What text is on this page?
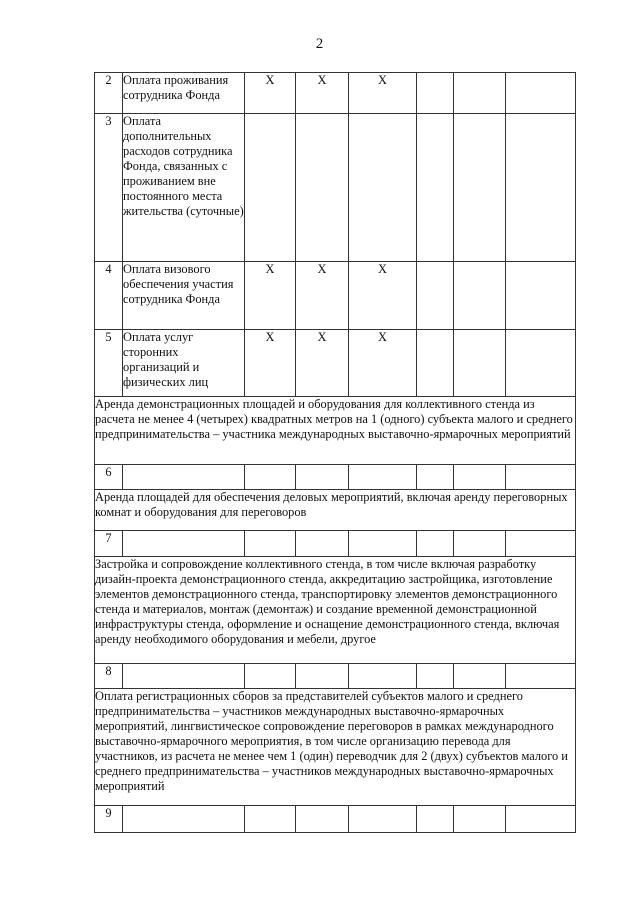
2
2	Оплата проживания сотрудника Фонда	X	X	X			
3	Оплата дополнительных расходов сотрудника Фонда, связанных с проживанием вне постоянного места жительства (суточные)						
4	Оплата визового обеспечения участия сотрудника Фонда	X	X	X			
5	Оплата услуг сторонних организаций и физических лиц	X	X	X			
Аренда демонстрационных площадей и оборудования для коллективного стенда из расчета не менее 4 (четырех) квадратных метров на 1 (одного) субъекта малого и среднего предпринимательства – участника международных выставочно-ярмарочных мероприятий							
6							
Аренда площадей для обеспечения деловых мероприятий, включая аренду переговорных комнат и оборудования для переговоров							
7							
Застройка и сопровождение коллективного стенда, в том числе включая разработку дизайн-проекта демонстрационного стенда, аккредитацию застройщика, изготовление элементов демонстрационного стенда, транспортировку элементов демонстрационного стенда и материалов, монтаж (демонтаж) и создание временной демонстрационной инфраструктуры стенда, оформление и оснащение демонстрационного стенда, включая аренду необходимого оборудования и мебели, другое							
8							
Оплата регистрационных сборов за представителей субъектов малого и среднего предпринимательства – участников международных выставочно-ярмарочных мероприятий, лингвистическое сопровождение переговоров в рамках международного выставочно-ярмарочного мероприятия, в том числе организацию перевода для участников, из расчета не менее чем 1 (один) переводчик для 2 (двух) субъектов малого и среднего предпринимательства – участников международных выставочно-ярмарочных мероприятий							
9							
